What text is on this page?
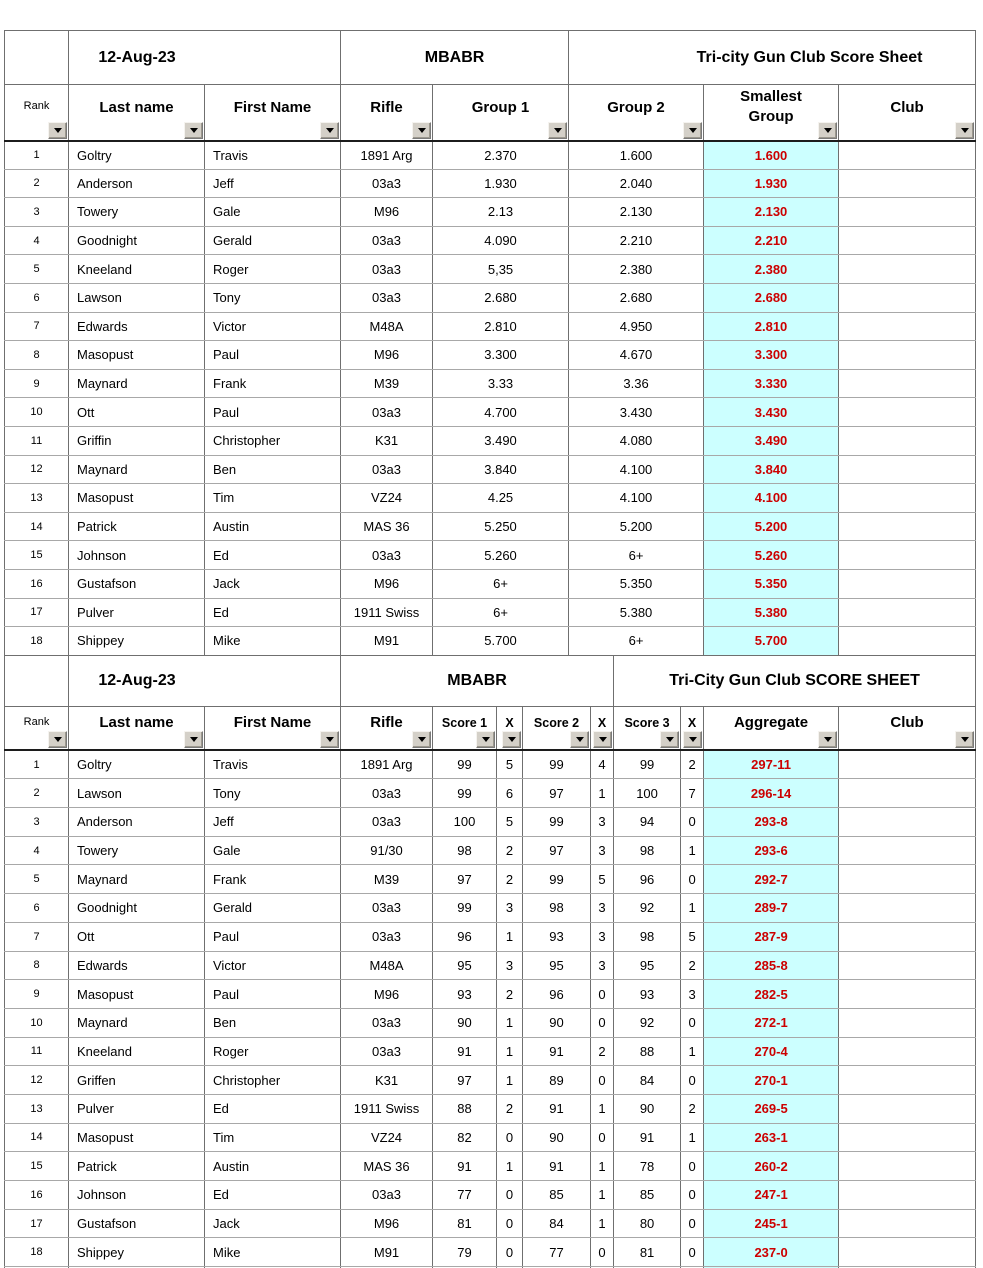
	12-Aug-23		MBABR		Tri-city Gun Club Score Sheet		
Rank	Last name	First Name	Rifle	Group 1	Group 2	Smallest Group	Club

1	Goltry	Travis	1891 Arg	2.370	1.600	1.600	
2	Anderson	Jeff	03a3	1.930	2.040	1.930	
3	Towery	Gale	M96	2.13	2.130	2.130	
4	Goodnight	Gerald	03a3	4.090	2.210	2.210	
5	Kneeland	Roger	03a3	5,35	2.380	2.380	
6	Lawson	Tony	03a3	2.680	2.680	2.680	
7	Edwards	Victor	M48A	2.810	4.950	2.810	
8	Masopust	Paul	M96	3.300	4.670	3.300	
9	Maynard	Frank	M39	3.33	3.36	3.330	
10	Ott	Paul	03a3	4.700	3.430	3.430	
11	Griffin	Christopher	K31	3.490	4.080	3.490	
12	Maynard	Ben	03a3	3.840	4.100	3.840	
13	Masopust	Tim	VZ24	4.25	4.100	4.100	
14	Patrick	Austin	MAS 36	5.250	5.200	5.200	
15	Johnson	Ed	03a3	5.260	6+	5.260	
16	Gustafson	Jack	M96	6+	5.350	5.350	
17	Pulver	Ed	1911 Swiss	6+	5.380	5.380	
18	Shippey	Mike	M91	5.700	6+	5.700	
	12-Aug-23		MBABR					Tri-City Gun Club SCORE SHEET			
Rank	Last name	First Name	Rifle	Score 1	X	Score 2	X	Score 3	X	Aggregate	Club

1	Goltry	Travis	1891 Arg	99	5	99	4	99	2	297-11	
2	Lawson	Tony	03a3	99	6	97	1	100	7	296-14	
3	Anderson	Jeff	03a3	100	5	99	3	94	0	293-8	
4	Towery	Gale	91/30	98	2	97	3	98	1	293-6	
5	Maynard	Frank	M39	97	2	99	5	96	0	292-7	
6	Goodnight	Gerald	03a3	99	3	98	3	92	1	289-7	
7	Ott	Paul	03a3	96	1	93	3	98	5	287-9	
8	Edwards	Victor	M48A	95	3	95	3	95	2	285-8	
9	Masopust	Paul	M96	93	2	96	0	93	3	282-5	
10	Maynard	Ben	03a3	90	1	90	0	92	0	272-1	
11	Kneeland	Roger	03a3	91	1	91	2	88	1	270-4	
12	Griffen	Christopher	K31	97	1	89	0	84	0	270-1	
13	Pulver	Ed	1911 Swiss	88	2	91	1	90	2	269-5	
14	Masopust	Tim	VZ24	82	0	90	0	91	1	263-1	
15	Patrick	Austin	MAS 36	91	1	91	1	78	0	260-2	
16	Johnson	Ed	03a3	77	0	85	1	85	0	247-1	
17	Gustafson	Jack	M96	81	0	84	1	80	0	245-1	
18	Shippey	Mike	M91	79	0	77	0	81	0	237-0	
